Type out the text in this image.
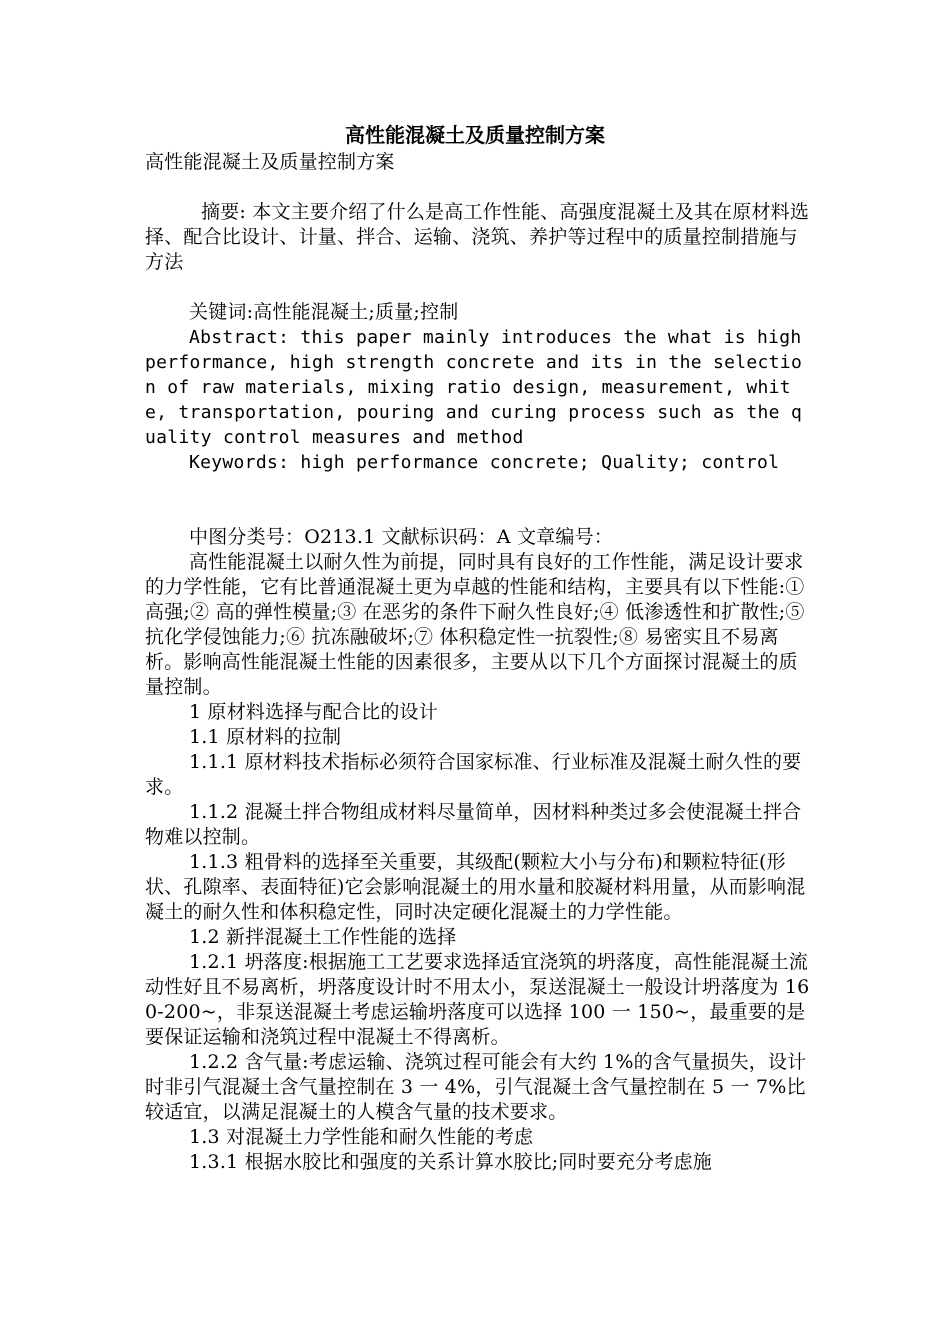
高性能混凝土及质量控制方案

高性能混凝土及质量控制方案

摘要: 本文主要介绍了什么是高工作性能、高强度混凝土及其在原材料选择、配合比设计、计量、拌合、运输、浇筑、养护等过程中的质量控制措施与方法

关键词:高性能混凝土;质量;控制

Abstract: this paper mainly introduces the what is high performance, high strength concrete and its in the selection of raw materials, mixing ratio design, measurement, white, transportation, pouring and curing process such as the quality control measures and method

Keywords: high performance concrete; Quality; control

中图分类号：O213.1 文献标识码：A 文章编号：

高性能混凝土以耐久性为前提，同时具有良好的工作性能，满足设计要求的力学性能，它有比普通混凝土更为卓越的性能和结构，主要具有以下性能:① 高强;② 高的弹性模量;③ 在恶劣的条件下耐久性良好;④ 低渗透性和扩散性;⑤ 抗化学侵蚀能力;⑥ 抗冻融破坏;⑦ 体积稳定性一抗裂性;⑧ 易密实且不易离析。影响高性能混凝土性能的因素很多，主要从以下几个方面探讨混凝土的质量控制。

1 原材料选择与配合比的设计

1.1 原材料的拉制

1.1.1 原材料技术指标必须符合国家标准、行业标准及混凝土耐久性的要求。

1.1.2 混凝土拌合物组成材料尽量简单，因材料种类过多会使混凝土拌合物难以控制。

1.1.3 粗骨料的选择至关重要，其级配(颗粒大小与分布)和颗粒特征(形状、孔隙率、表面特征)它会影响混凝土的用水量和胶凝材料用量，从而影响混凝土的耐久性和体积稳定性，同时决定硬化混凝土的力学性能。

1.2 新拌混凝土工作性能的选择

1.2.1 坍落度:根据施工工艺要求选择适宜浇筑的坍落度，高性能混凝土流动性好且不易离析，坍落度设计时不用太小，泵送混凝土一般设计坍落度为 160-200~，非泵送混凝土考虑运输坍落度可以选择 100 一 150~，最重要的是要保证运输和浇筑过程中混凝土不得离析。

1.2.2 含气量:考虑运输、浇筑过程可能会有大约 1%的含气量损失，设计时非引气混凝土含气量控制在 3 一 4%，引气混凝土含气量控制在 5 一 7%比较适宜，以满足混凝土的人模含气量的技术要求。

1.3 对混凝土力学性能和耐久性能的考虑

1.3.1 根据水胶比和强度的关系计算水胶比;同时要充分考虑施
